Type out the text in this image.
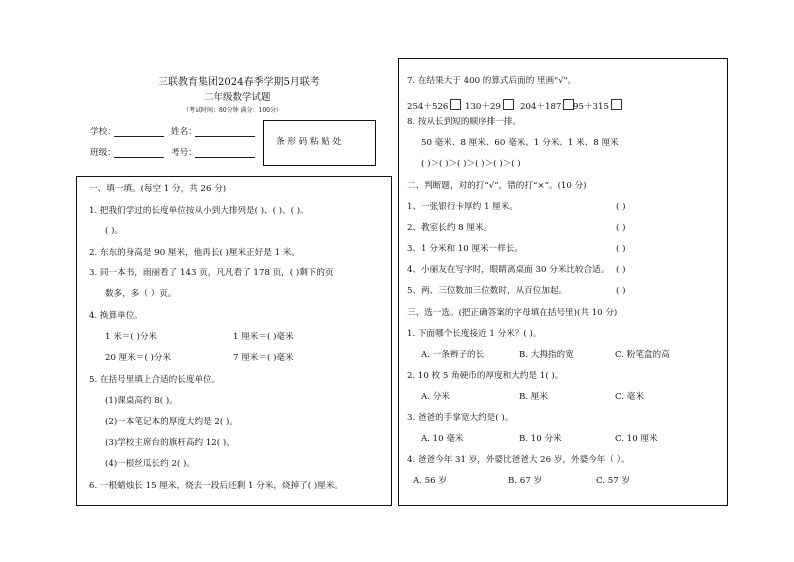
三联教育集团2024春季学期5月联考
二年级数学试题
（考试时间：80分钟 满分：100分）
学校：	姓名：
班级：	考号：
条 形 码 粘 贴 处
一、填一填。(每空 1 分，共 26 分)
1. 把我们学过的长度单位按从小到大排列是( )、( )、( )、
( )。
2. 东东的身高是 90 厘米，他再长( )厘米正好是 1 米。
3. 同一本书，雨丽看了 143 页，凡凡看了 178 页，( )剩下的页
数多，多（ ）页。
4. 换算单位。
1 米＝( )分米	1 厘米＝( )毫米
20 厘米＝( )分米	7 厘米＝( )毫米
5. 在括号里填上合适的长度单位。
(1)课桌高约 8( )。
(2)一本笔记本的厚度大约是 2( )。
(3)学校主席台的旗杆高约 12( )。
(4)一根丝瓜长约 2( )。
6. 一根蜡烛长 15 厘米，烧去一段后还剩 1 分米，烧掉了( )厘米。
7. 在结果大于 400 的算式后面的 里画"√"。
254＋526	130＋29	204＋187	95＋315
8. 按从长到短的顺序排一排。
50 毫米、8 厘米、60 毫米、1 分米、1 米、8 厘米
( )＞( )＞( )＞( )＞( )＞( )
二、判断题，对的打“√”，错的打“×”。(10 分)
1、一张银行卡厚约 1 厘米。	( )
2、教室长约 8 厘米。	( )
3、1 分米和 10 厘米一样长。	( )
4、小丽友在写字时，眼睛离桌面 30 分米比较合适。 ( )
5、两、三位数加三位数时，从百位加起。	( )
三、选一选。(把正确答案的字母填在括号里)(共 10 分)
1. 下面哪个长度接近 1 分米？( )。
A. 一条辫子的长	B. 大拇指的宽	C. 粉笔盒的高
2. 10 枚 5 角硬币的厚度和大约是 1( )。
A. 分米	B. 厘米	C. 毫米
3. 爸爸的手掌宽大约是( )。
A. 10 毫米	B. 10 分米	C. 10 厘米
4. 爸爸今年 31 岁，外婆比爸爸大 26 岁，外婆今年（ ）。
A. 56 岁	B. 67 岁	C. 57 岁
